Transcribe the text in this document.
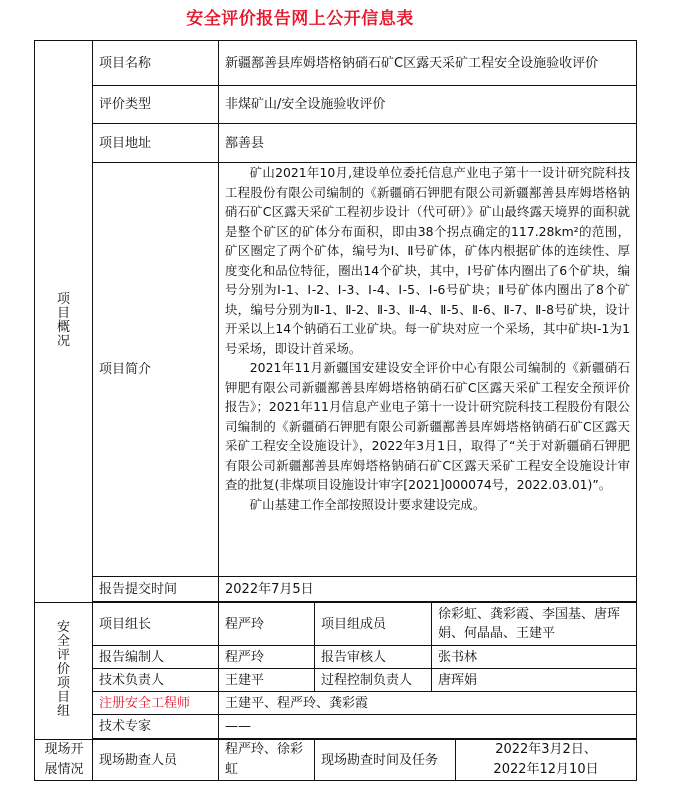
安全评价报告网上公开信息表
项目概况	项目名称	新疆鄯善县库姆塔格钠硝石矿C区露天采矿工程安全设施验收评价			
	评价类型	非煤矿山/安全设施验收评价			
	项目地址	鄯善县			
	项目简介	矿山2021年10月,建设单位委托信息产业电子第十一设计研究院科技工程股份有限公司编制的《新疆硝石钾肥有限公司新疆鄯善县库姆塔格钠硝石矿C区露天采矿工程初步设计（代可研）》矿山最终露天境界的面积就是整个矿区的矿体分布面积，即由38个拐点确定的117.28km²的范围，矿区圈定了两个矿体，编号为Ⅰ、Ⅱ号矿体，矿体内根据矿体的连续性、厚度变化和品位特征，圈出14个矿块，其中，Ⅰ号矿体内圈出了6个矿块，编号分别为Ⅰ-1、Ⅰ-2、Ⅰ-3、Ⅰ-4、Ⅰ-5、Ⅰ-6号矿块；Ⅱ号矿体内圈出了8个矿块，编号分别为Ⅱ-1、Ⅱ-2、Ⅱ-3、Ⅱ-4、Ⅱ-5、Ⅱ-6、Ⅱ-7、Ⅱ-8号矿块，设计开采以上14个钠硝石工业矿块。每一矿块对应一个采场，其中矿块Ⅰ-1为1号采场，即设计首采场。

2021年11月新疆国安建设安全评价中心有限公司编制的《新疆硝石钾肥有限公司新疆鄯善县库姆塔格钠硝石矿C区露天采矿工程安全预评价报告》；2021年11月信息产业电子第十一设计研究院科技工程股份有限公司编制的《新疆硝石钾肥有限公司新疆鄯善县库姆塔格钠硝石矿C区露天采矿工程安全设施设计》，2022年3月1日，取得了“关于对新疆硝石钾肥有限公司新疆鄯善县库姆塔格钠硝石矿C区露天采矿工程安全设施设计审查的批复(非煤项目设施设计审字[2021]000074号，2022.03.01)”。

矿山基建工作全部按照设计要求建设完成。			

	报告提交时间	2022年7月5日			

安全评价项目组	项目组长	程严玲	项目组成员	徐彩虹、龚彩霞、李国基、唐珲娟、何晶晶、王建平	
	报告编制人	程严玲	报告审核人	张书林	
	技术负责人	王建平	过程控制负责人	唐珲娟	
	注册安全工程师	王建平、程严玲、龚彩霞			
	技术专家	——			

现场开展情况	现场勘查人员	程严玲、徐彩虹	现场勘查时间及任务		2022年3月2日、
2022年12月10日
